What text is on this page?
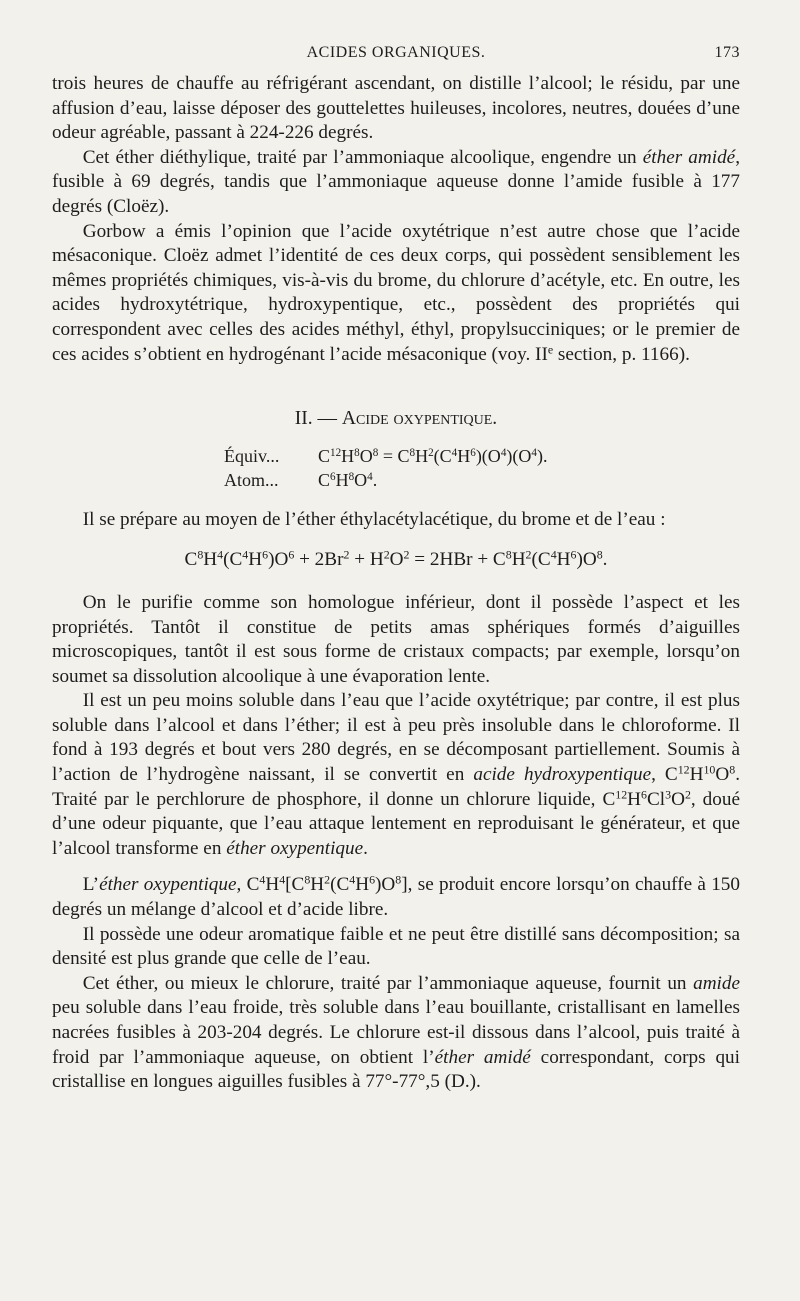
ACIDES ORGANIQUES.	173

trois heures de chauffe au réfrigérant ascendant, on distille l’alcool; le résidu, par une affusion d’eau, laisse déposer des gouttelettes huileuses, incolores, neutres, douées d’une odeur agréable, passant à 224-226 degrés.

Cet éther diéthylique, traité par l’ammoniaque alcoolique, engendre un éther amidé, fusible à 69 degrés, tandis que l’ammoniaque aqueuse donne l’amide fusible à 177 degrés (Cloëz).

Gorbow a émis l’opinion que l’acide oxytétrique n’est autre chose que l’acide mésaconique. Cloëz admet l’identité de ces deux corps, qui possèdent sensiblement les mêmes propriétés chimiques, vis-à-vis du brome, du chlorure d’acétyle, etc. En outre, les acides hydroxytétrique, hydroxypentique, etc., possèdent des propriétés qui correspondent avec celles des acides méthyl, éthyl, propylsucciniques; or le premier de ces acides s’obtient en hydrogénant l’acide mésaconique (voy. IIe section, p. 1166).

II. — Acide oxypentique.
Équiv... $C^{12}H^8O^8 = C^8H^2(C^4H^6)(O^4)(O^4)$.
Atom... $C^6H^8O^4$.

Il se prépare au moyen de l’éther éthylacétylacétique, du brome et de l’eau :

$C^8H^4(C^4H^6)O^6 + 2Br^2 + H^2O^2 = 2HBr + C^8H^2(C^4H^6)O^8$.

On le purifie comme son homologue inférieur, dont il possède l’aspect et les propriétés. Tantôt il constitue de petits amas sphériques formés d’aiguilles microscopiques, tantôt il est sous forme de cristaux compacts; par exemple, lorsqu’on soumet sa dissolution alcoolique à une évaporation lente.

Il est un peu moins soluble dans l’eau que l’acide oxytétrique; par contre, il est plus soluble dans l’alcool et dans l’éther; il est à peu près insoluble dans le chloroforme. Il fond à 193 degrés et bout vers 280 degrés, en se décomposant partiellement. Soumis à l’action de l’hydrogène naissant, il se convertit en acide hydroxypentique, $C^{12}H^{10}O^8$. Traité par le perchlorure de phosphore, il donne un chlorure liquide, $C^{12}H^6Cl^3O^2$, doué d’une odeur piquante, que l’eau attaque lentement en reproduisant le générateur, et que l’alcool transforme en éther oxypentique.

L’éther oxypentique, $C^4H^4[C^8H^2(C^4H^6)O^8]$, se produit encore lorsqu’on chauffe à 150 degrés un mélange d’alcool et d’acide libre.

Il possède une odeur aromatique faible et ne peut être distillé sans décomposition; sa densité est plus grande que celle de l’eau.

Cet éther, ou mieux le chlorure, traité par l’ammoniaque aqueuse, fournit un amide peu soluble dans l’eau froide, très soluble dans l’eau bouillante, cristallisant en lamelles nacrées fusibles à 203-204 degrés. Le chlorure est-il dissous dans l’alcool, puis traité à froid par l’ammoniaque aqueuse, on obtient l’éther amidé correspondant, corps qui cristallise en longues aiguilles fusibles à 77°-77°,5 (D.).
